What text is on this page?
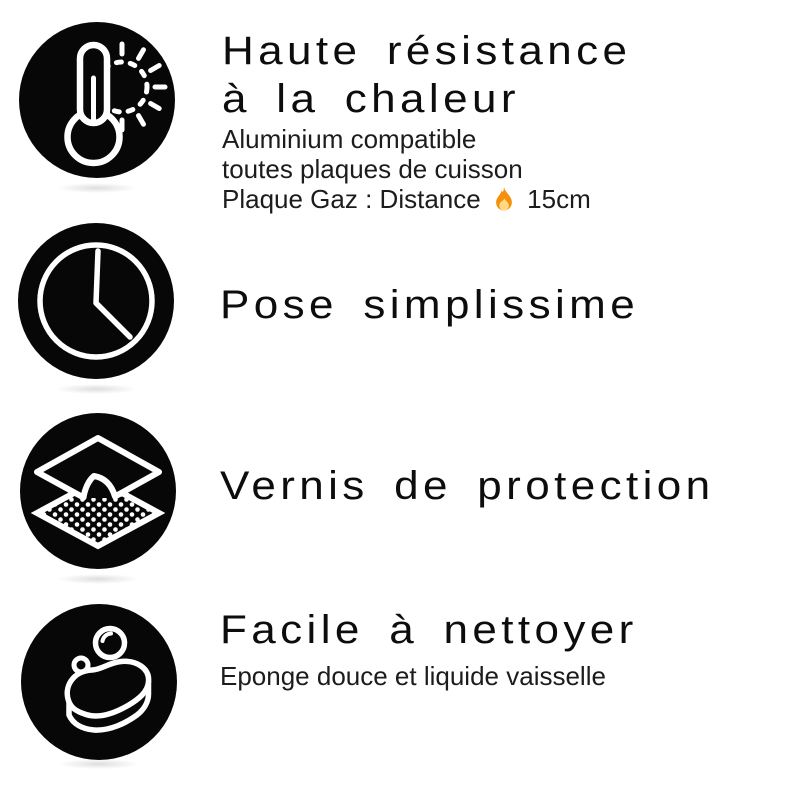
Haute résistance
à la chaleur
Aluminium compatible
toutes plaques de cuisson
Plaque Gaz : Distance 15cm
Pose simplissime
Vernis de protection
Facile à nettoyer
Eponge douce et liquide vaisselle
